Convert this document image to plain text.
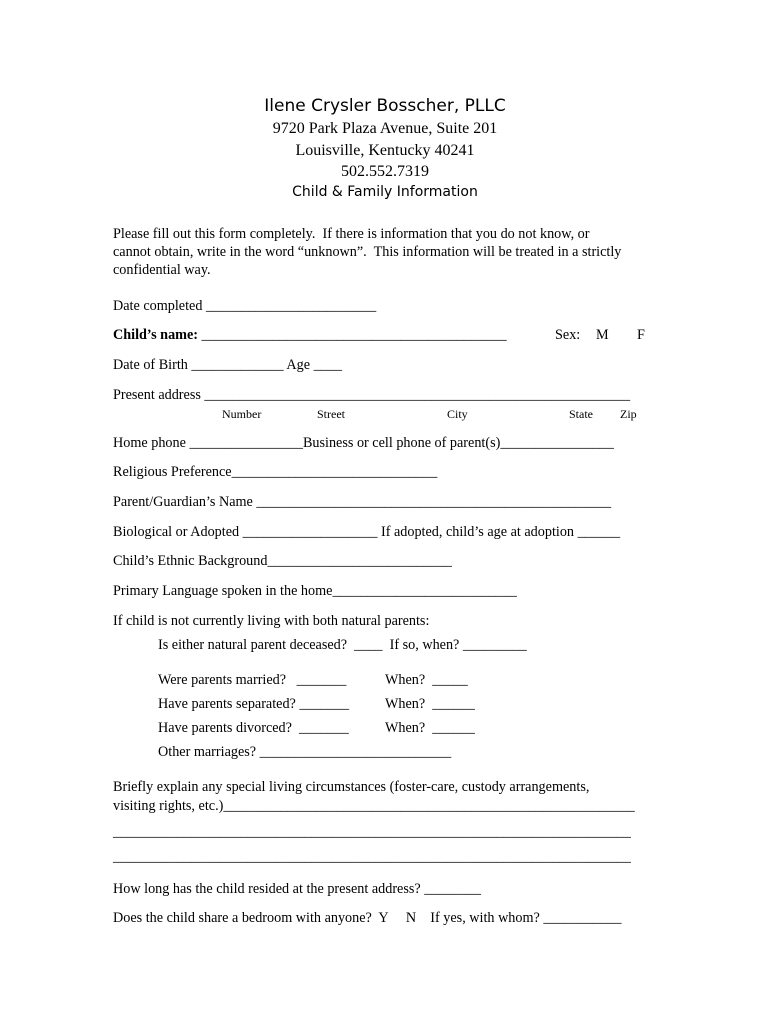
Ilene Crysler Bosscher, PLLC
9720 Park Plaza Avenue, Suite 201
Louisville, Kentucky 40241
502.552.7319
Child & Family Information
Please fill out this form completely.  If there is information that you do not know, or
cannot obtain, write in the word “unknown”.  This information will be treated in a strictly
confidential way.
Date completed ________________________
Child’s name: ___________________________________________	Sex: M F
Date of Birth _____________ Age ____
Present address ____________________________________________________________
Number	Street	City	State Zip
Home phone ________________Business or cell phone of parent(s)________________
Religious Preference_____________________________
Parent/Guardian’s Name __________________________________________________
Biological or Adopted ___________________ If adopted, child’s age at adoption ______
Child’s Ethnic Background__________________________
Primary Language spoken in the home__________________________
If child is not currently living with both natural parents:
Is either natural parent deceased?  ____  If so, when? _________
Were parents married?   _______	When?  _____
Have parents separated? _______	When?  ______
Have parents divorced?  _______	When?  ______
Other marriages? ___________________________
Briefly explain any special living circumstances (foster-care, custody arrangements,
visiting rights, etc.)__________________________________________________________
_________________________________________________________________________
_________________________________________________________________________
How long has the child resided at the present address? ________
Does the child share a bedroom with anyone?  Y     N    If yes, with whom? ___________
